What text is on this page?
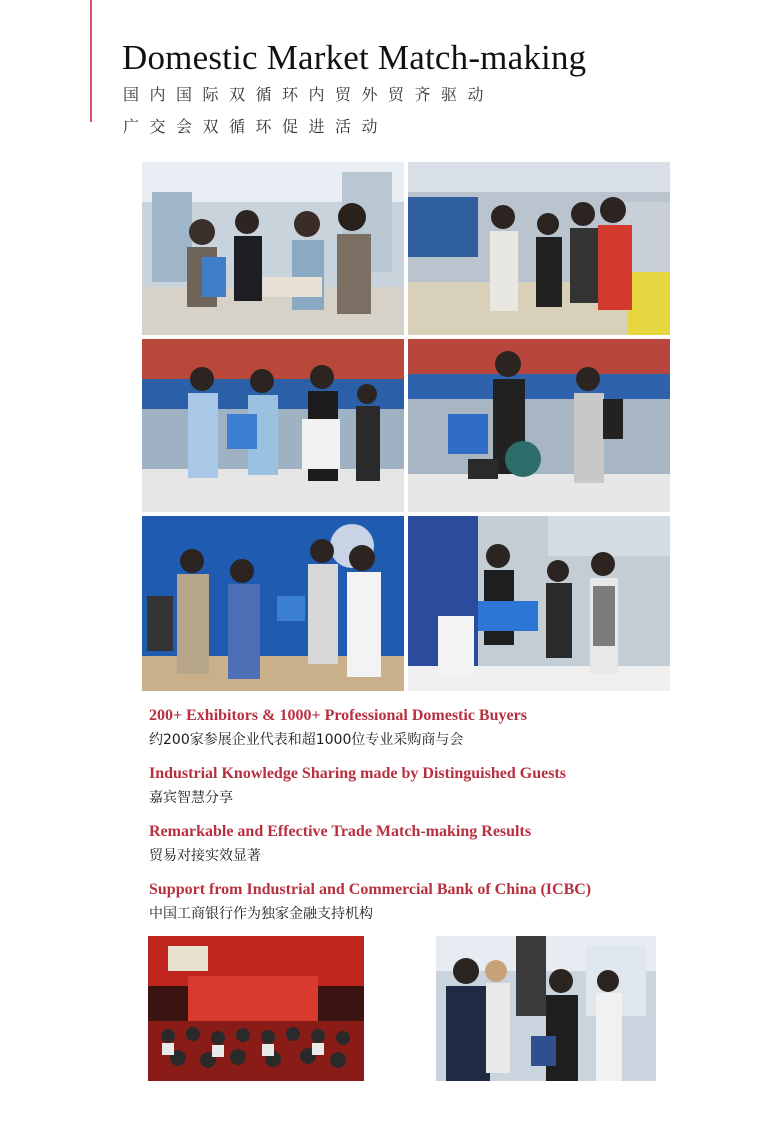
Domestic Market Match-making
国内国际双循环内贸外贸齐驱动
广交会双循环促进活动
200+ Exhibitors & 1000+ Professional Domestic Buyers
约200家参展企业代表和超1000位专业采购商与会
Industrial Knowledge Sharing made by Distinguished Guests
嘉宾智慧分享
Remarkable and Effective Trade Match-making Results
贸易对接实效显著
Support from Industrial and Commercial Bank of China (ICBC)
中国工商银行作为独家金融支持机构
